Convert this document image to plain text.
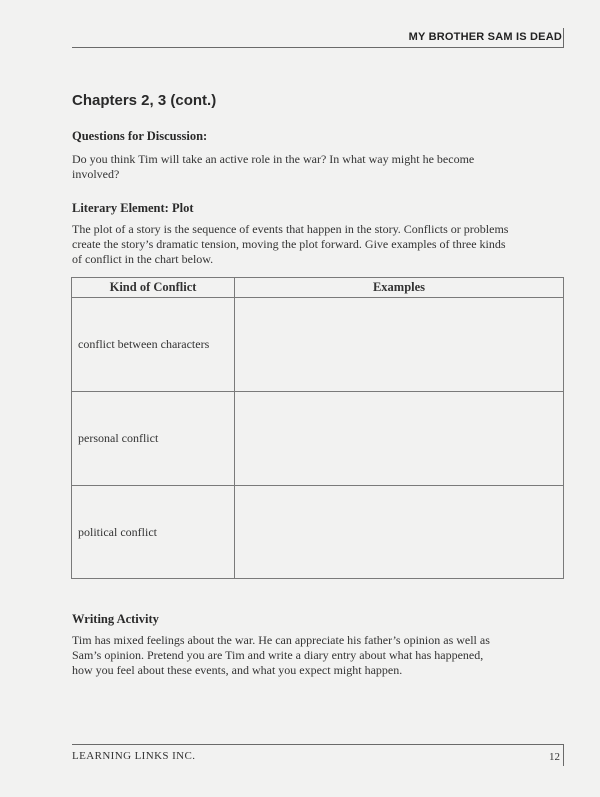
MY BROTHER SAM IS DEAD
Chapters 2, 3 (cont.)
Questions for Discussion:
Do you think Tim will take an active role in the war? In what way might he become
involved?
Literary Element: Plot
The plot of a story is the sequence of events that happen in the story. Conflicts or problems
create the story’s dramatic tension, moving the plot forward. Give examples of three kinds
of conflict in the chart below.
Kind of Conflict	Examples
conflict between characters	
personal conflict	
political conflict	
Writing Activity
Tim has mixed feelings about the war. He can appreciate his father’s opinion as well as
Sam’s opinion. Pretend you are Tim and write a diary entry about what has happened,
how you feel about these events, and what you expect might happen.
LEARNING LINKS INC.	12
